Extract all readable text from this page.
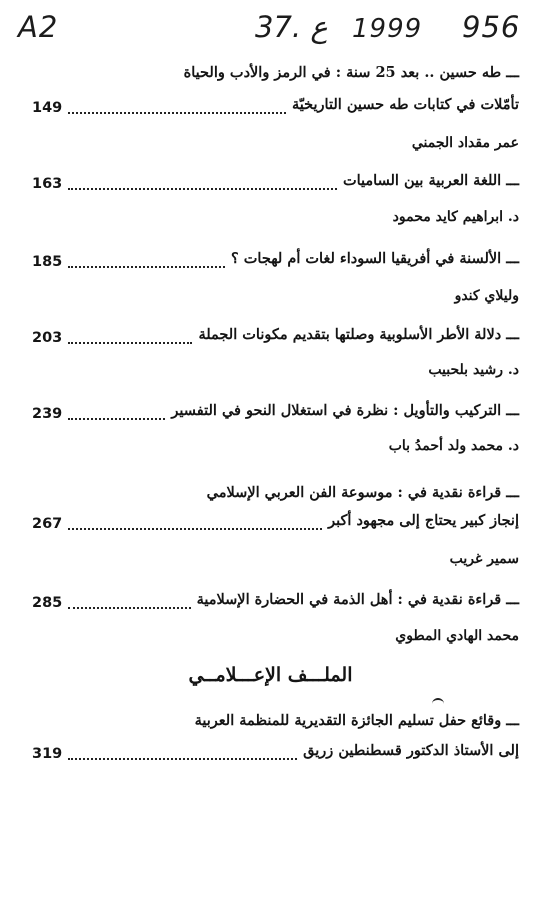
A2	37. ع 1999 956
ـــ طه حسين .. بعد 25 سنة : في الرمز والأدب والحياة
تأمّلات في كتابات طه حسين التاريخيّة
149
عمر مقداد الجمني
ـــ اللغة العربية بين الساميات
163
د. ابراهيم كايد محمود
ـــ الألسنة في أفريقيا السوداء لغات أم لهجات ؟
185
وليلاي كندو
ـــ دلالة الأطر الأسلوبية وصلتها بتقديم مكونات الجملة
203
د. رشيد بلحبيب
ـــ التركيب والتأويل : نظرة في استغلال النحو في التفسير
239
د. محمد ولد أحمدُ باب
ـــ قراءة نقدية في : موسوعة الفن العربي الإسلامي
إنجاز كبير يحتاج إلى مجهود أكبر
267
سمير غريب
ـــ قراءة نقدية في : أهل الذمة في الحضارة الإسلامية
285
محمد الهادي المطوي
الملـــف الإعـــلامــي
ـــ وقائع حفل تسليم الجائزة التقديرية للمنظمة العربية
إلى الأستاذ الدكتور قسطنطين زريق
319
